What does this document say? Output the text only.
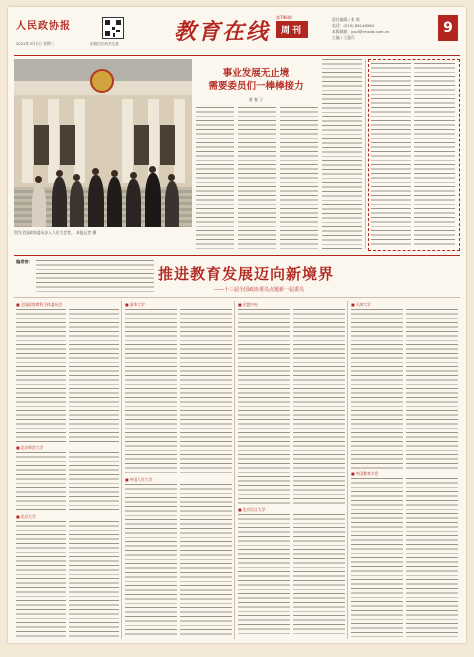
人民政协报
2022年3月2日 星期三	用微信扫码关注我
第796期
教育在线	周刊
责任编辑 / 张 琪
电话：(010) 88146584
本版邮箱：jysd@rmzxb.com.cn
主编 / 王惠兵
9
图为全国政协委员步入人民大会堂。 本报记者 摄
事业发展无止境
需要委员们一棒棒接力
贾 春 子
编者按：
推进教育发展迈向新境界
——十三届全国政协委员点题新一届委员
■ 全国政协教科卫体委员会
■ 北京师范大学
■ 北京大学
■ 清华大学
■ 中国人民大学
■ 民盟中央
■ 北京语言大学
■ 天津大学
■ 中国教育学会
